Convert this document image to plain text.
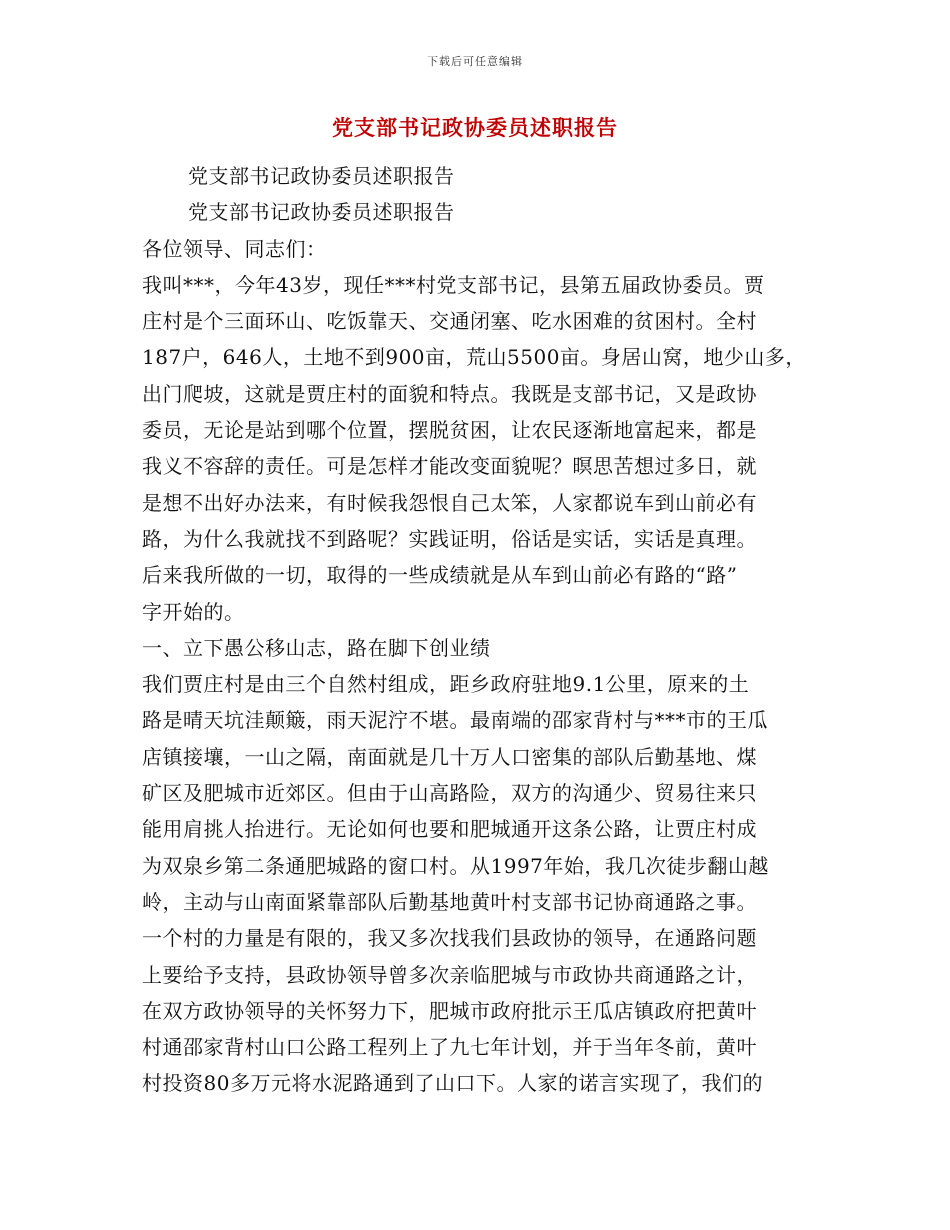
下载后可任意编辑
党支部书记政协委员述职报告
党支部书记政协委员述职报告
党支部书记政协委员述职报告
各位领导、同志们：
我叫***，今年43岁，现任***村党支部书记，县第五届政协委员。贾
庄村是个三面环山、吃饭靠天、交通闭塞、吃水困难的贫困村。全村
187户，646人，土地不到900亩，荒山5500亩。身居山窝，地少山多，
出门爬坡，这就是贾庄村的面貌和特点。我既是支部书记，又是政协
委员，无论是站到哪个位置，摆脱贫困，让农民逐渐地富起来，都是
我义不容辞的责任。可是怎样才能改变面貌呢？暝思苦想过多日，就
是想不出好办法来，有时候我怨恨自己太笨，人家都说车到山前必有
路，为什么我就找不到路呢？实践证明，俗话是实话，实话是真理。
后来我所做的一切，取得的一些成绩就是从车到山前必有路的“路”
字开始的。
一、立下愚公移山志，路在脚下创业绩
我们贾庄村是由三个自然村组成，距乡政府驻地9.1公里，原来的土
路是晴天坑洼颠簸，雨天泥泞不堪。最南端的邵家背村与***市的王瓜
店镇接壤，一山之隔，南面就是几十万人口密集的部队后勤基地、煤
矿区及肥城市近郊区。但由于山高路险，双方的沟通少、贸易往来只
能用肩挑人抬进行。无论如何也要和肥城通开这条公路，让贾庄村成
为双泉乡第二条通肥城路的窗口村。从1997年始，我几次徒步翻山越
岭，主动与山南面紧靠部队后勤基地黄叶村支部书记协商通路之事。
一个村的力量是有限的，我又多次找我们县政协的领导，在通路问题
上要给予支持，县政协领导曾多次亲临肥城与市政协共商通路之计，
在双方政协领导的关怀努力下，肥城市政府批示王瓜店镇政府把黄叶
村通邵家背村山口公路工程列上了九七年计划，并于当年冬前，黄叶
村投资80多万元将水泥路通到了山口下。人家的诺言实现了，我们的
